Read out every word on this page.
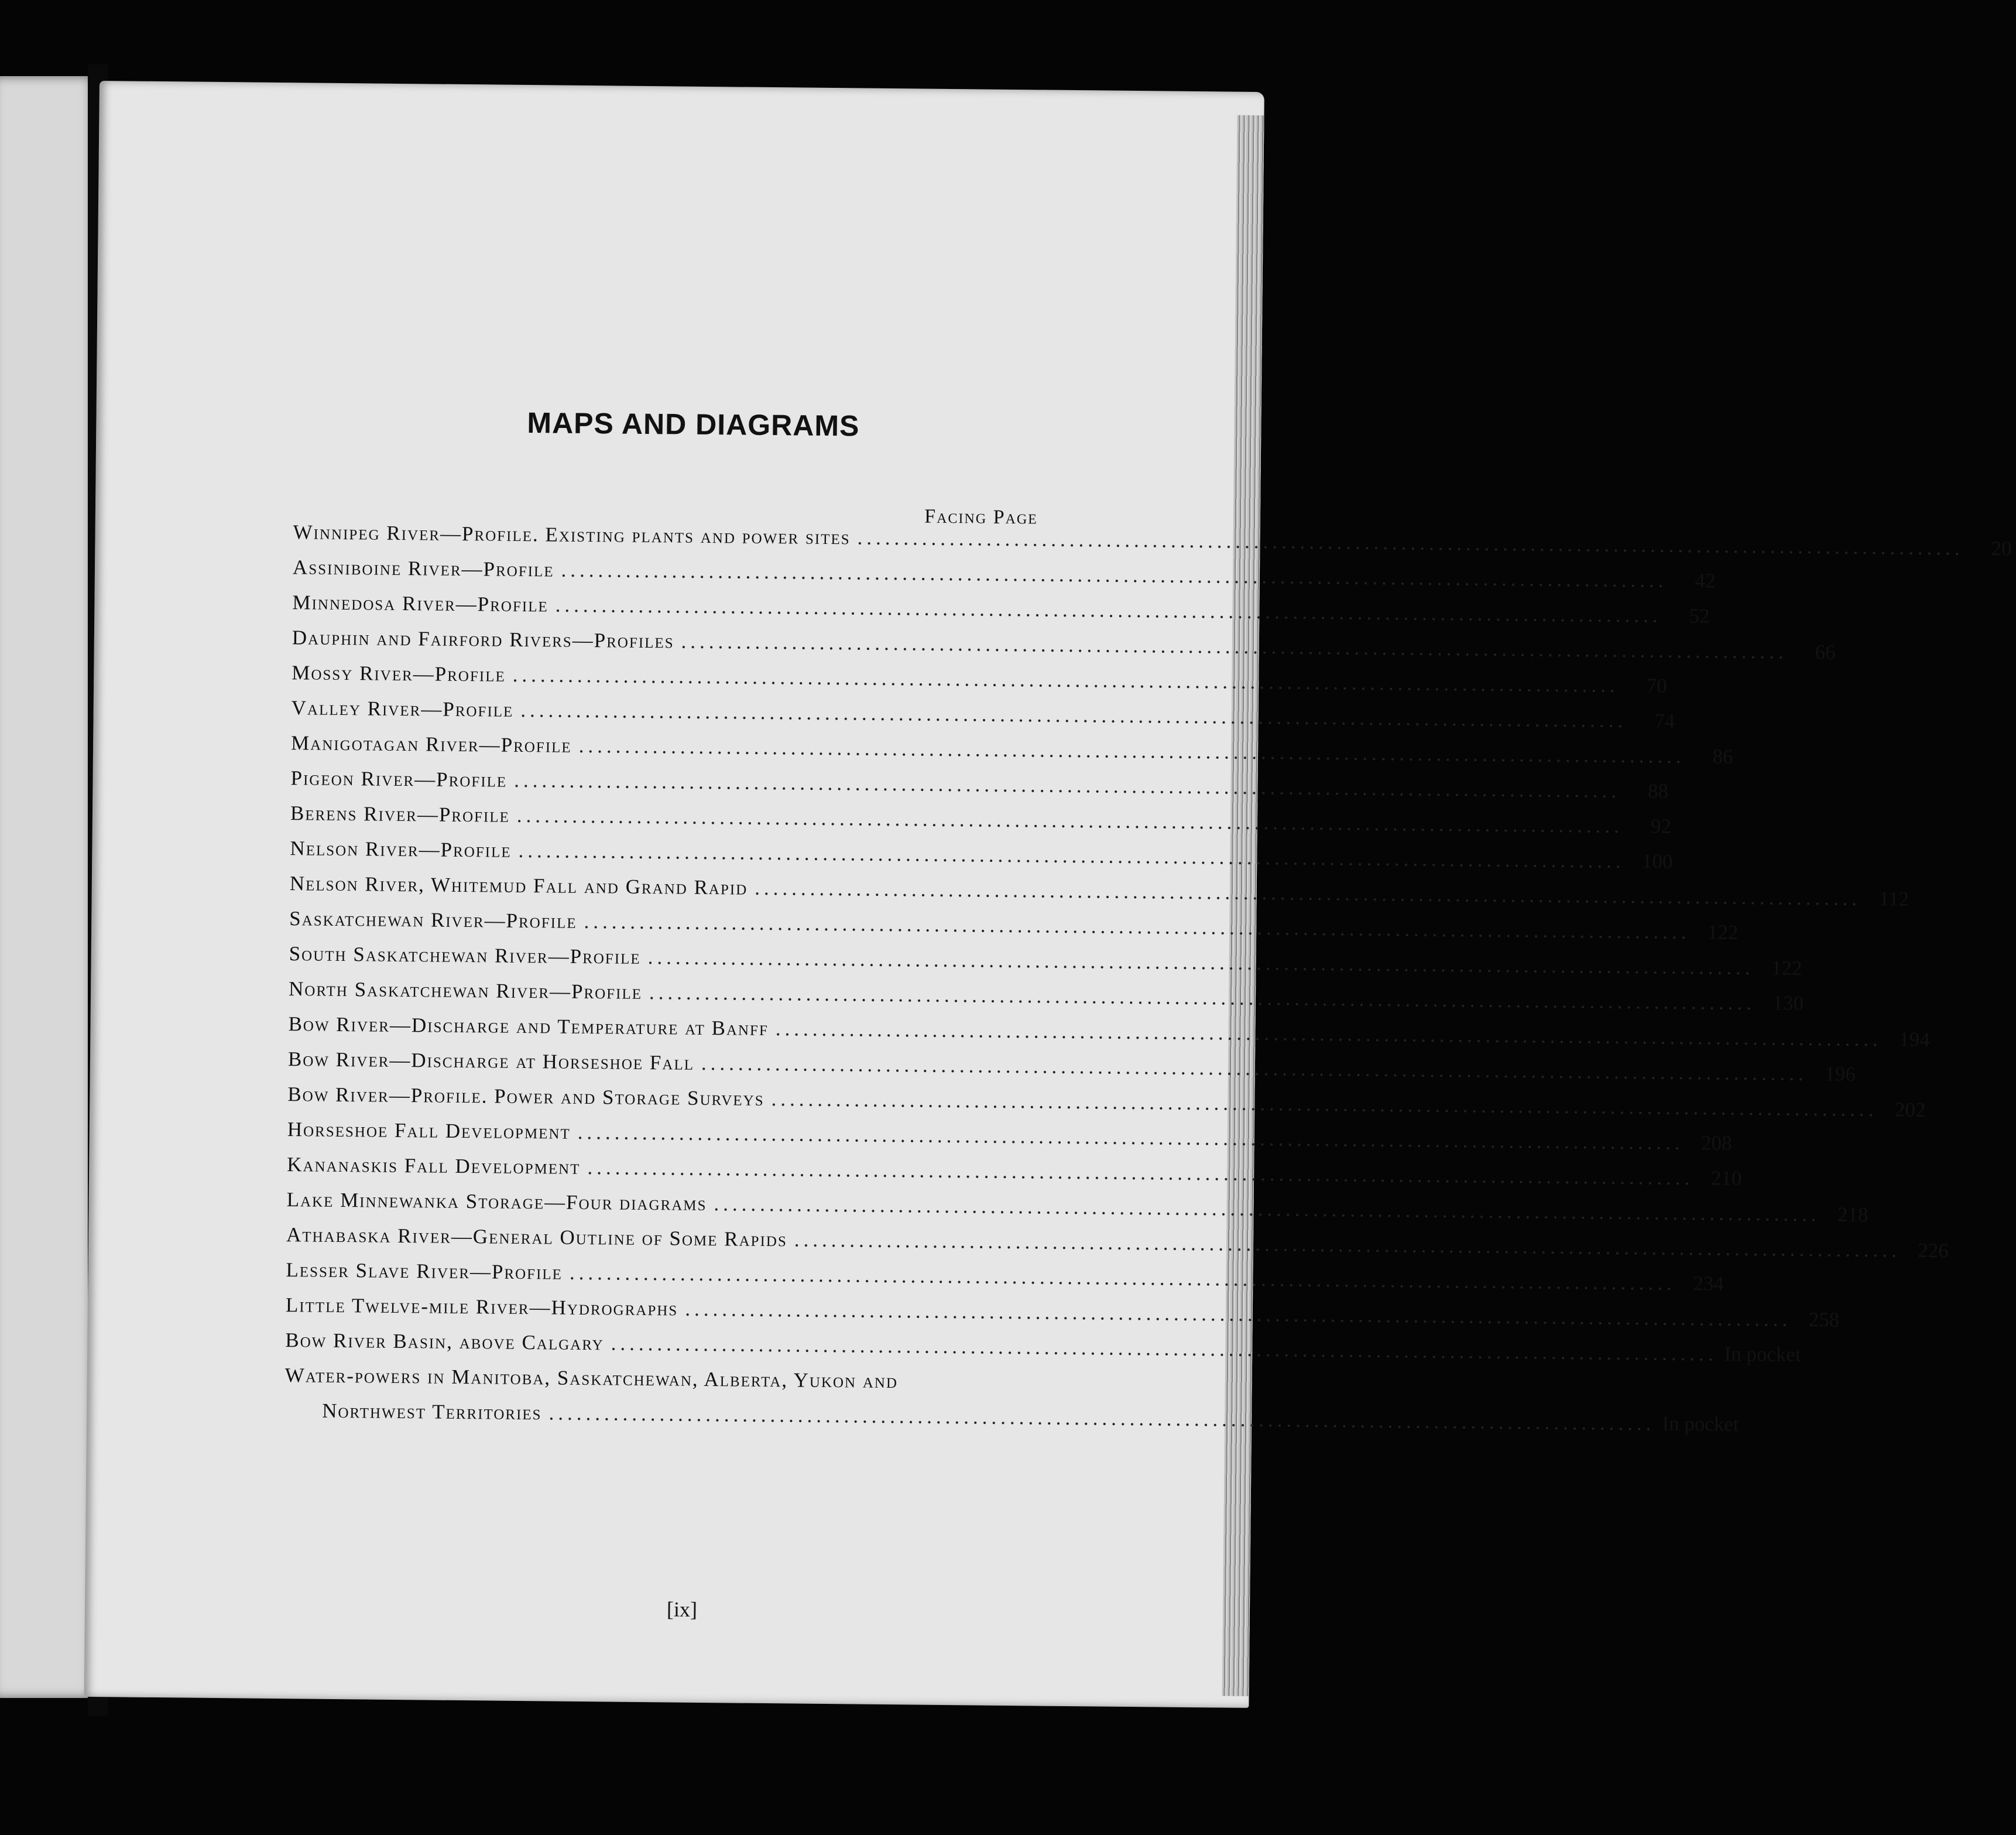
MAPS AND DIAGRAMS
Facing Page
Winnipeg River—Profile. Existing plants and power sites ........................................................................................................................	20
Assiniboine River—Profile ........................................................................................................................	42
Minnedosa River—Profile ........................................................................................................................	52
Dauphin and Fairford Rivers—Profiles ........................................................................................................................	66
Mossy River—Profile ........................................................................................................................	70
Valley River—Profile ........................................................................................................................	74
Manigotagan River—Profile ........................................................................................................................	86
Pigeon River—Profile ........................................................................................................................	88
Berens River—Profile ........................................................................................................................	92
Nelson River—Profile ........................................................................................................................ 100
Nelson River, Whitemud Fall and Grand Rapid ........................................................................................................................ 112
Saskatchewan River—Profile ........................................................................................................................ 122
South Saskatchewan River—Profile ........................................................................................................................ 122
North Saskatchewan River—Profile ........................................................................................................................ 130
Bow River—Discharge and Temperature at Banff ........................................................................................................................ 194
Bow River—Discharge at Horseshoe Fall ........................................................................................................................ 196
Bow River—Profile. Power and Storage Surveys ........................................................................................................................ 202
Horseshoe Fall Development ........................................................................................................................ 208
Kananaskis Fall Development ........................................................................................................................ 210
Lake Minnewanka Storage—Four diagrams ........................................................................................................................ 218
Athabaska River—General Outline of Some Rapids ........................................................................................................................ 226
Lesser Slave River—Profile ........................................................................................................................ 234
Little Twelve-mile River—Hydrographs ........................................................................................................................ 258
Bow River Basin, above Calgary ........................................................................................................................ In pocket
Water-powers in Manitoba, Saskatchewan, Alberta, Yukon and
Northwest Territories ........................................................................................................................ In pocket
[ix]
